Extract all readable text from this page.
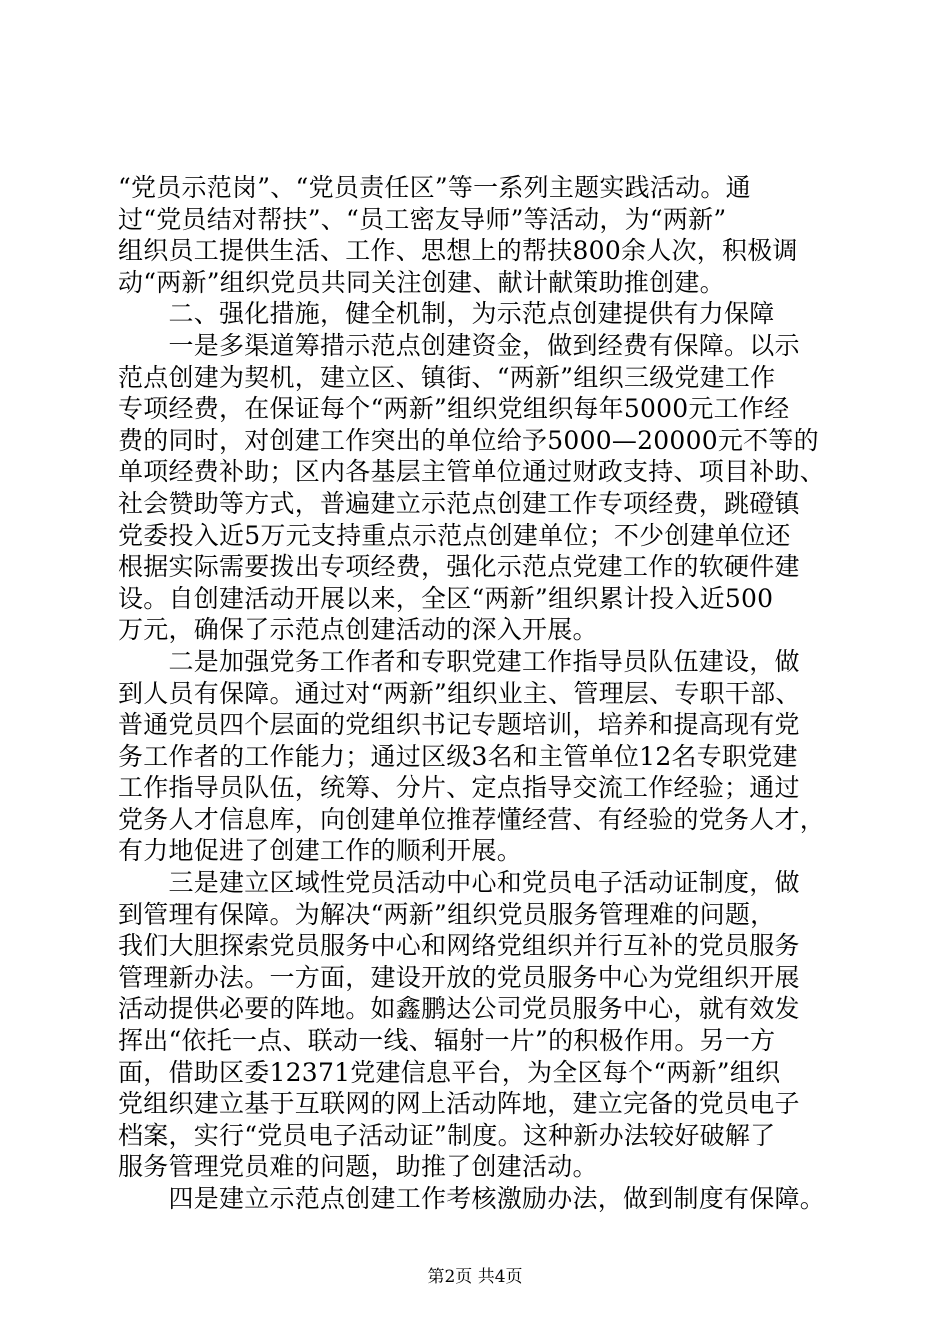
“党员示范岗”、“党员责任区”等一系列主题实践活动。通
过“党员结对帮扶”、“员工密友导师”等活动，为“两新”
组织员工提供生活、工作、思想上的帮扶800余人次，积极调
动“两新”组织党员共同关注创建、献计献策助推创建。
　　二、强化措施，健全机制，为示范点创建提供有力保障
　　一是多渠道筹措示范点创建资金，做到经费有保障。以示
范点创建为契机，建立区、镇街、“两新”组织三级党建工作
专项经费，在保证每个“两新”组织党组织每年5000元工作经
费的同时，对创建工作突出的单位给予5000—20000元不等的
单项经费补助；区内各基层主管单位通过财政支持、项目补助、
社会赞助等方式，普遍建立示范点创建工作专项经费，跳磴镇
党委投入近5万元支持重点示范点创建单位；不少创建单位还
根据实际需要拨出专项经费，强化示范点党建工作的软硬件建
设。自创建活动开展以来，全区“两新”组织累计投入近500
万元，确保了示范点创建活动的深入开展。
　　二是加强党务工作者和专职党建工作指导员队伍建设，做
到人员有保障。通过对“两新”组织业主、管理层、专职干部、
普通党员四个层面的党组织书记专题培训，培养和提高现有党
务工作者的工作能力；通过区级3名和主管单位12名专职党建
工作指导员队伍，统筹、分片、定点指导交流工作经验；通过
党务人才信息库，向创建单位推荐懂经营、有经验的党务人才，
有力地促进了创建工作的顺利开展。
　　三是建立区域性党员活动中心和党员电子活动证制度，做
到管理有保障。为解决“两新”组织党员服务管理难的问题，
我们大胆探索党员服务中心和网络党组织并行互补的党员服务
管理新办法。一方面，建设开放的党员服务中心为党组织开展
活动提供必要的阵地。如鑫鹏达公司党员服务中心，就有效发
挥出“依托一点、联动一线、辐射一片”的积极作用。另一方
面，借助区委12371党建信息平台，为全区每个“两新”组织
党组织建立基于互联网的网上活动阵地，建立完备的党员电子
档案，实行“党员电子活动证”制度。这种新办法较好破解了
服务管理党员难的问题，助推了创建活动。
　　四是建立示范点创建工作考核激励办法，做到制度有保障。
第2页 共4页
